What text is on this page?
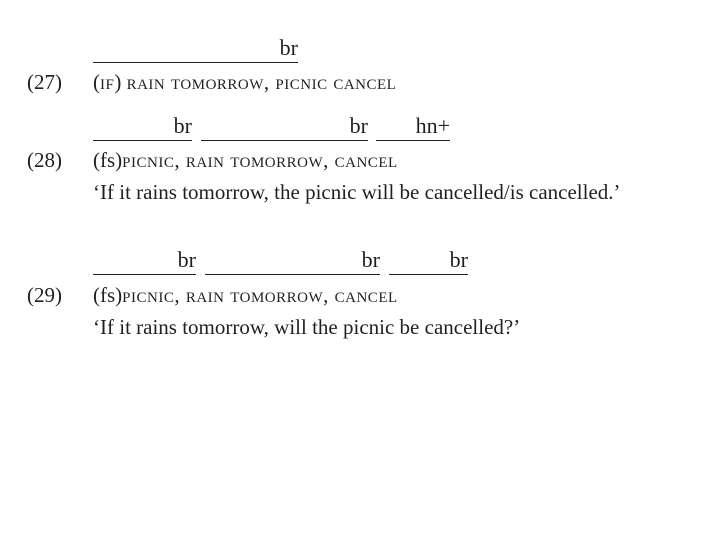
br
(27) (if) rain tomorrow, picnic cancel
br	br	hn+
(28) (fs)picnic, rain tomorrow, cancel
‘If it rains tomorrow, the picnic will be cancelled/is cancelled.’
br	br	br
(29) (fs)picnic, rain tomorrow, cancel
‘If it rains tomorrow, will the picnic be cancelled?’
